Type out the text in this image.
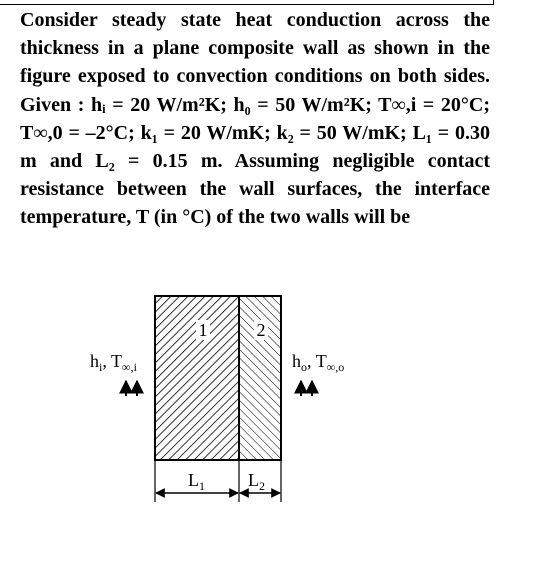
Consider steady state heat conduction across the thickness in a plane composite wall as shown in the figure exposed to convection conditions on both sides. Given : hᵢ = 20 W/m²K; h₀ = 50 W/m²K; T∞,i = 20°C; T∞,0 = –2°C; k₁ = 20 W/mK; k₂ = 50 W/mK; L₁ = 0.30 m and L₂ = 0.15 m. Assuming negligible contact resistance between the wall surfaces, the interface temperature, T (in °C) of the two walls will be

1	2
$h_i$, $T_{\infty,i}$	$h_o$, $T_{\infty,o}$
$L_1$ $L_2$
